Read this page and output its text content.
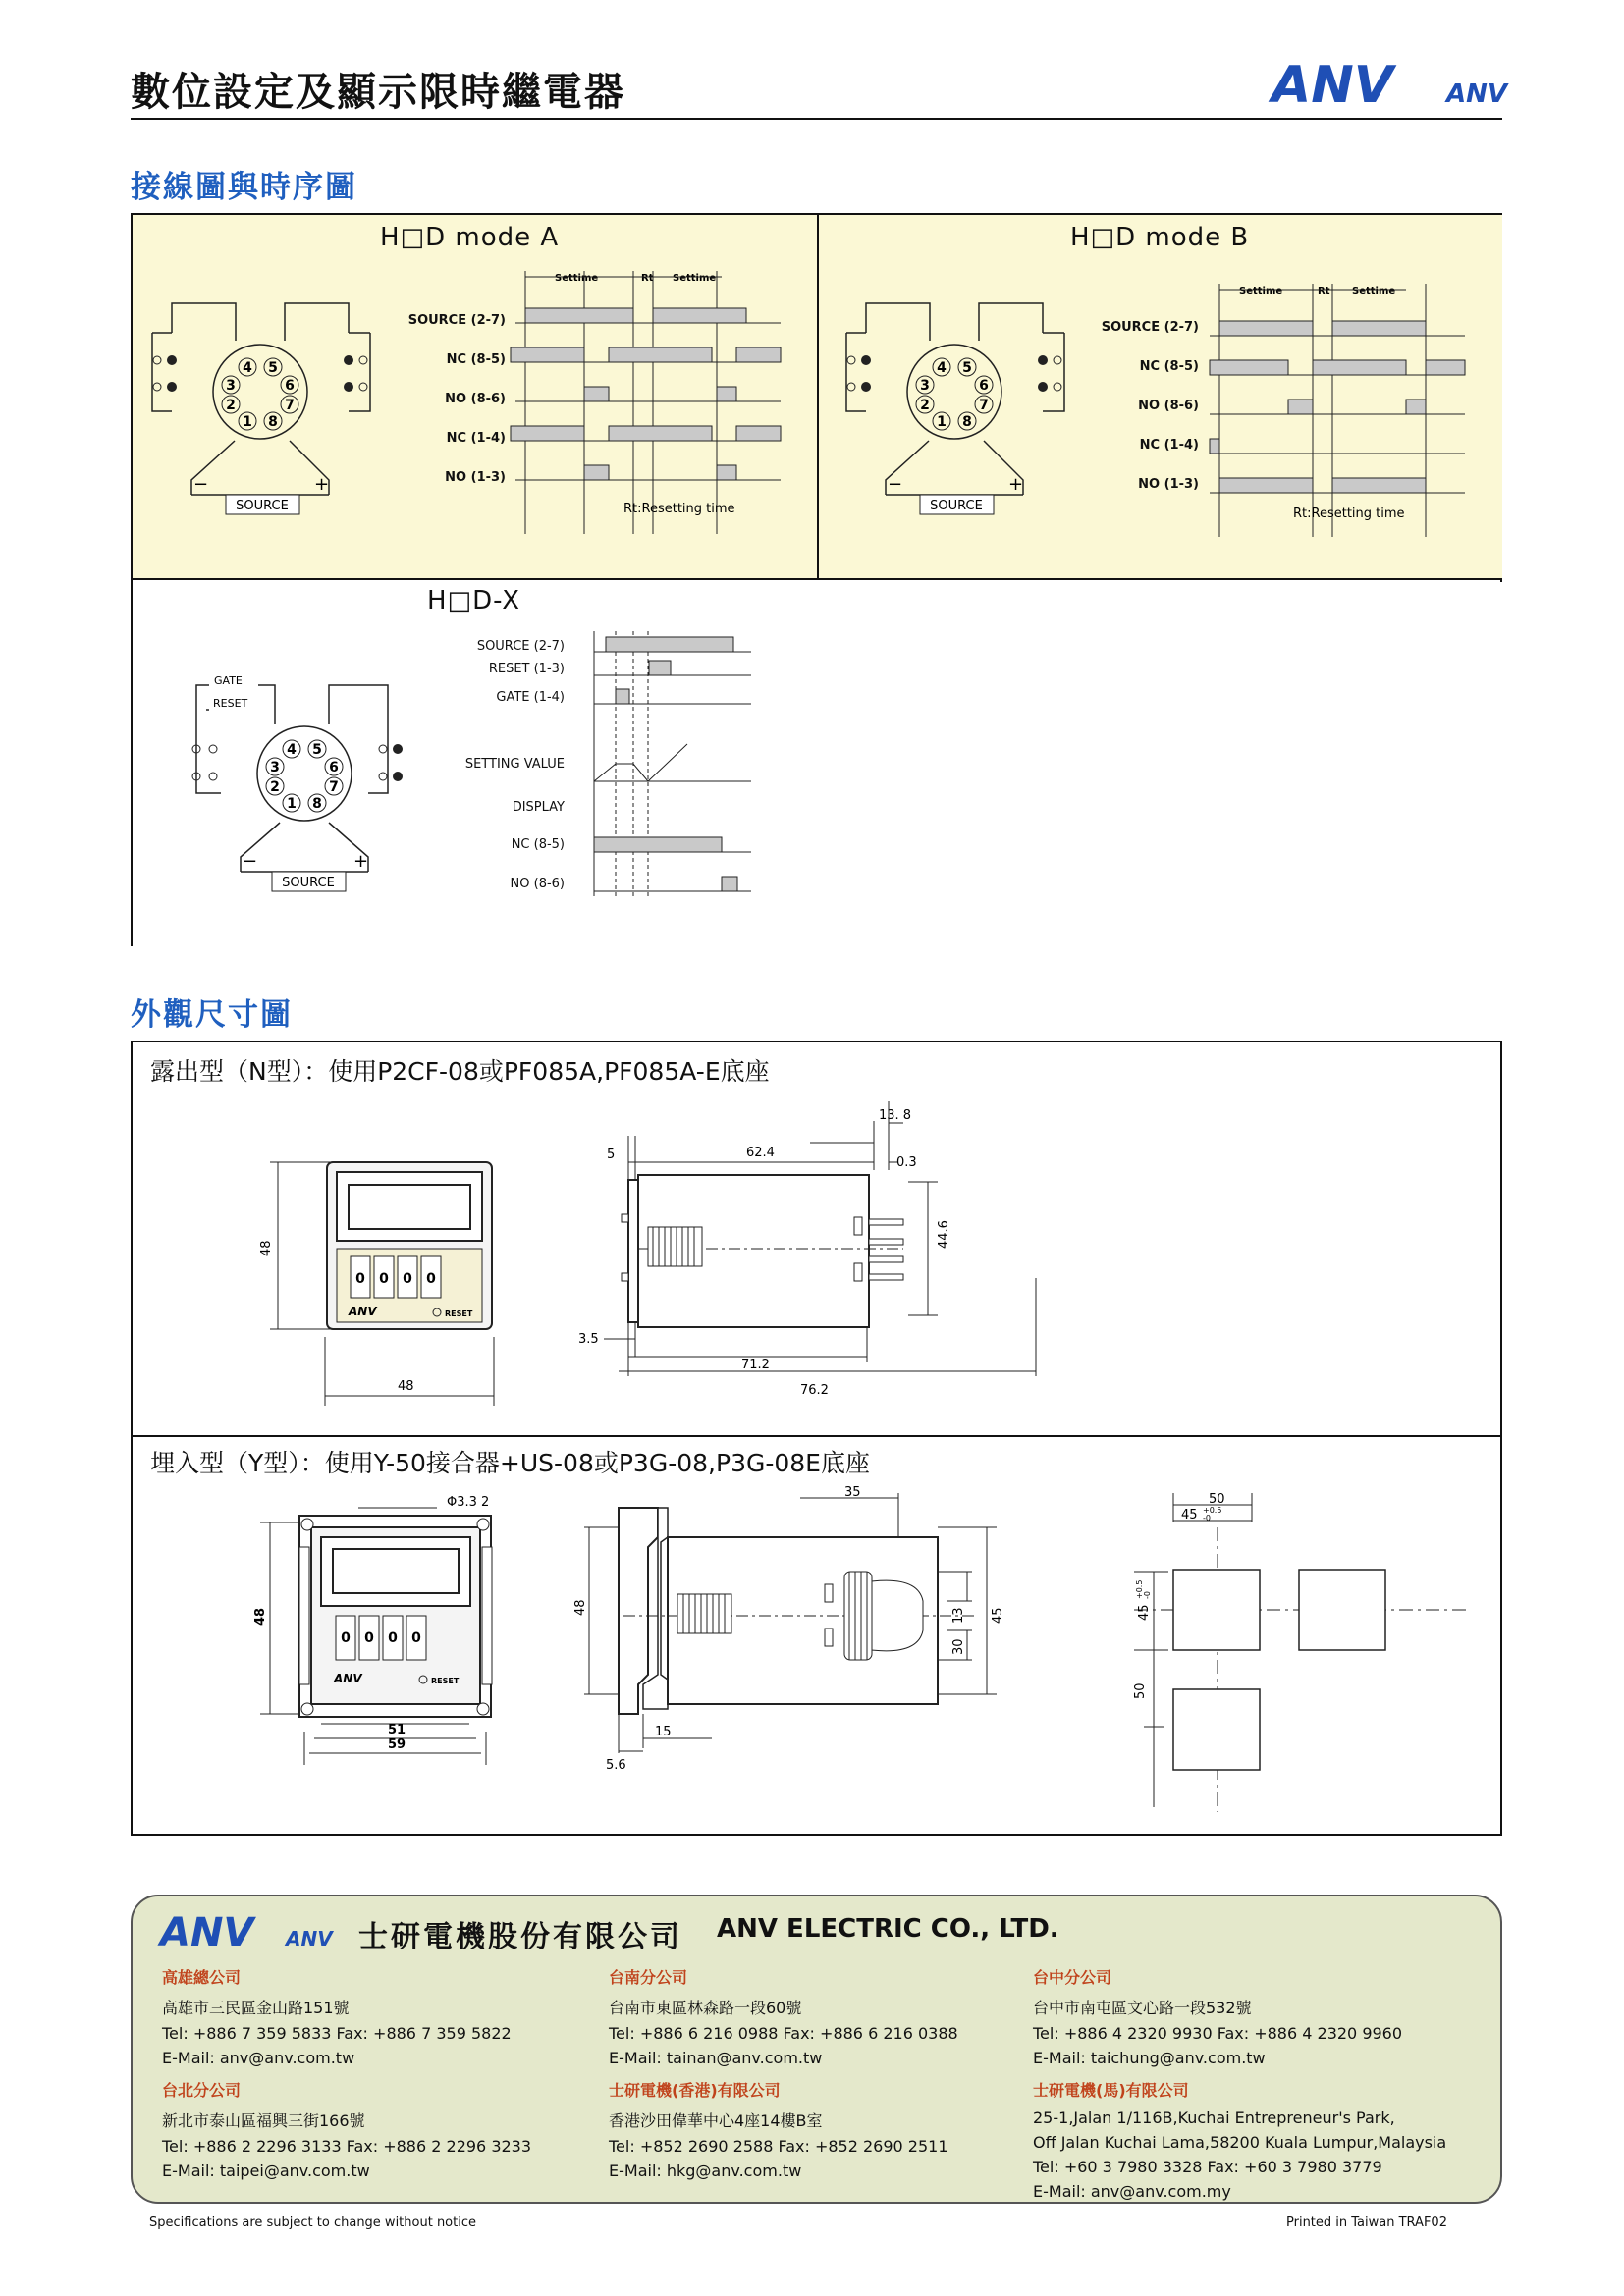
數位設定及顯示限時繼電器	ANV ANV
接線圖與時序圖
H□D mode A
4 5
3	6
2	7
1 8
−	+
SOURCE
SOURCE (2-7)
NC (8-5)
NO (8-6)
NC (1-4)
NO (1-3)
Settime	Rt Settime
Rt:Resetting time
H□D mode B
4 5
3	6
2	7
1 8
−	+
SOURCE
SOURCE (2-7)
NC (8-5)
NO (8-6)
NC (1-4)
NO (1-3)
Settime	Rt Settime
Rt:Resetting time
H□D-X
GATE
RESET
4 5
3	6
2	7
1 8
−	+
SOURCE
SOURCE (2-7)
RESET (1-3)
GATE (1-4)
SETTING VALUE
DISPLAY
NC (8-5)
NO (8-6)
外觀尺寸圖
露出型（N型）：使用P2CF-08或PF085A,PF085A-E底座
48
48
0 0 0 0
ANV	RESET
5	62.4
13. 8
0.3
44.6
3.5
71.2
76.2
埋入型（Y型）：使用Y-50接合器+US-08或P3G-08,P3G-08E底座
48
51
59
Φ3.3 2
0 0 0 0
ANV	RESET
48
35
13
30
45
15
5.6
50
45 +0.5
-0
45
+0.5 -0
50
ANV ANV 士研電機股份有限公司 ANV ELECTRIC CO., LTD.
高雄總公司
高雄市三民區金山路151號
Tel: +886 7 359 5833 Fax: +886 7 359 5822
E-Mail: anv@anv.com.tw
台南分公司
台南市東區林森路一段60號
Tel: +886 6 216 0988 Fax: +886 6 216 0388
E-Mail: tainan@anv.com.tw
台中分公司
台中市南屯區文心路一段532號
Tel: +886 4 2320 9930 Fax: +886 4 2320 9960
E-Mail: taichung@anv.com.tw
台北分公司
新北市泰山區福興三街166號
Tel: +886 2 2296 3133 Fax: +886 2 2296 3233
E-Mail: taipei@anv.com.tw
士研電機(香港)有限公司
香港沙田偉華中心4座14樓B室
Tel: +852 2690 2588 Fax: +852 2690 2511
E-Mail: hkg@anv.com.tw
士研電機(馬)有限公司
25-1,Jalan 1/116B,Kuchai Entrepreneur's Park,
Off Jalan Kuchai Lama,58200 Kuala Lumpur,Malaysia
Tel: +60 3 7980 3328 Fax: +60 3 7980 3779
E-Mail: anv@anv.com.my
Specifications are subject to change without notice	Printed in Taiwan TRAF02
